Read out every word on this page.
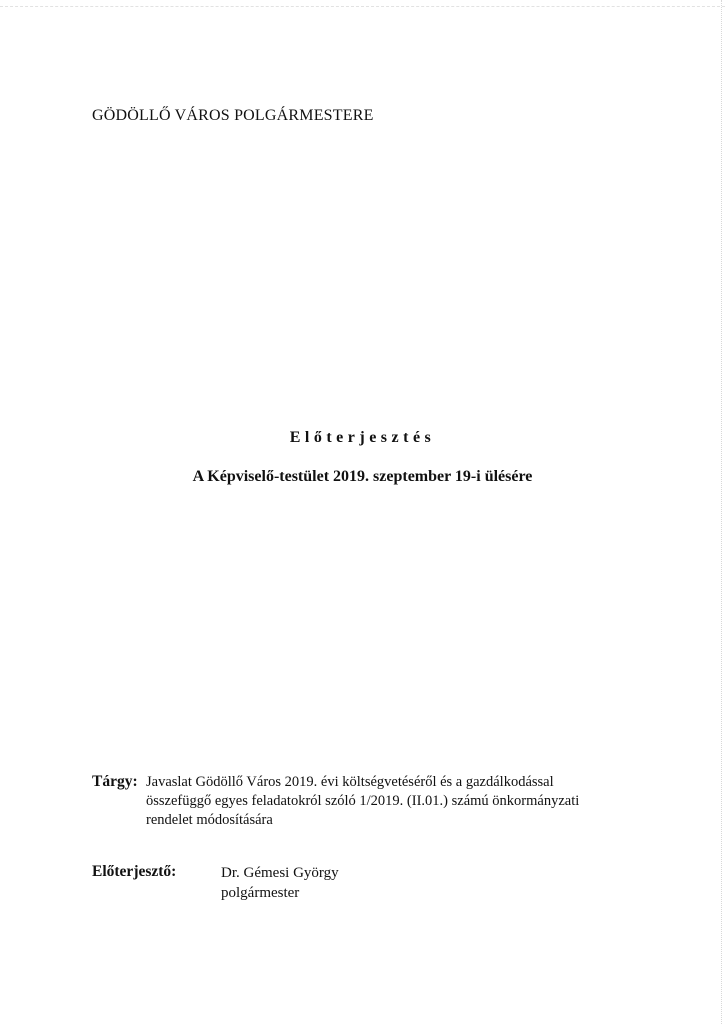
GÖDÖLLŐ VÁROS POLGÁRMESTERE
Előterjesztés
A Képviselő-testület 2019. szeptember 19-i ülésére
Tárgy: Javaslat Gödöllő Város 2019. évi költségvetéséről és a gazdálkodással
összefüggő egyes feladatokról szóló 1/2019. (II.01.) számú önkormányzati
rendelet módosítására
Előterjesztő:	Dr. Gémesi György
polgármester
